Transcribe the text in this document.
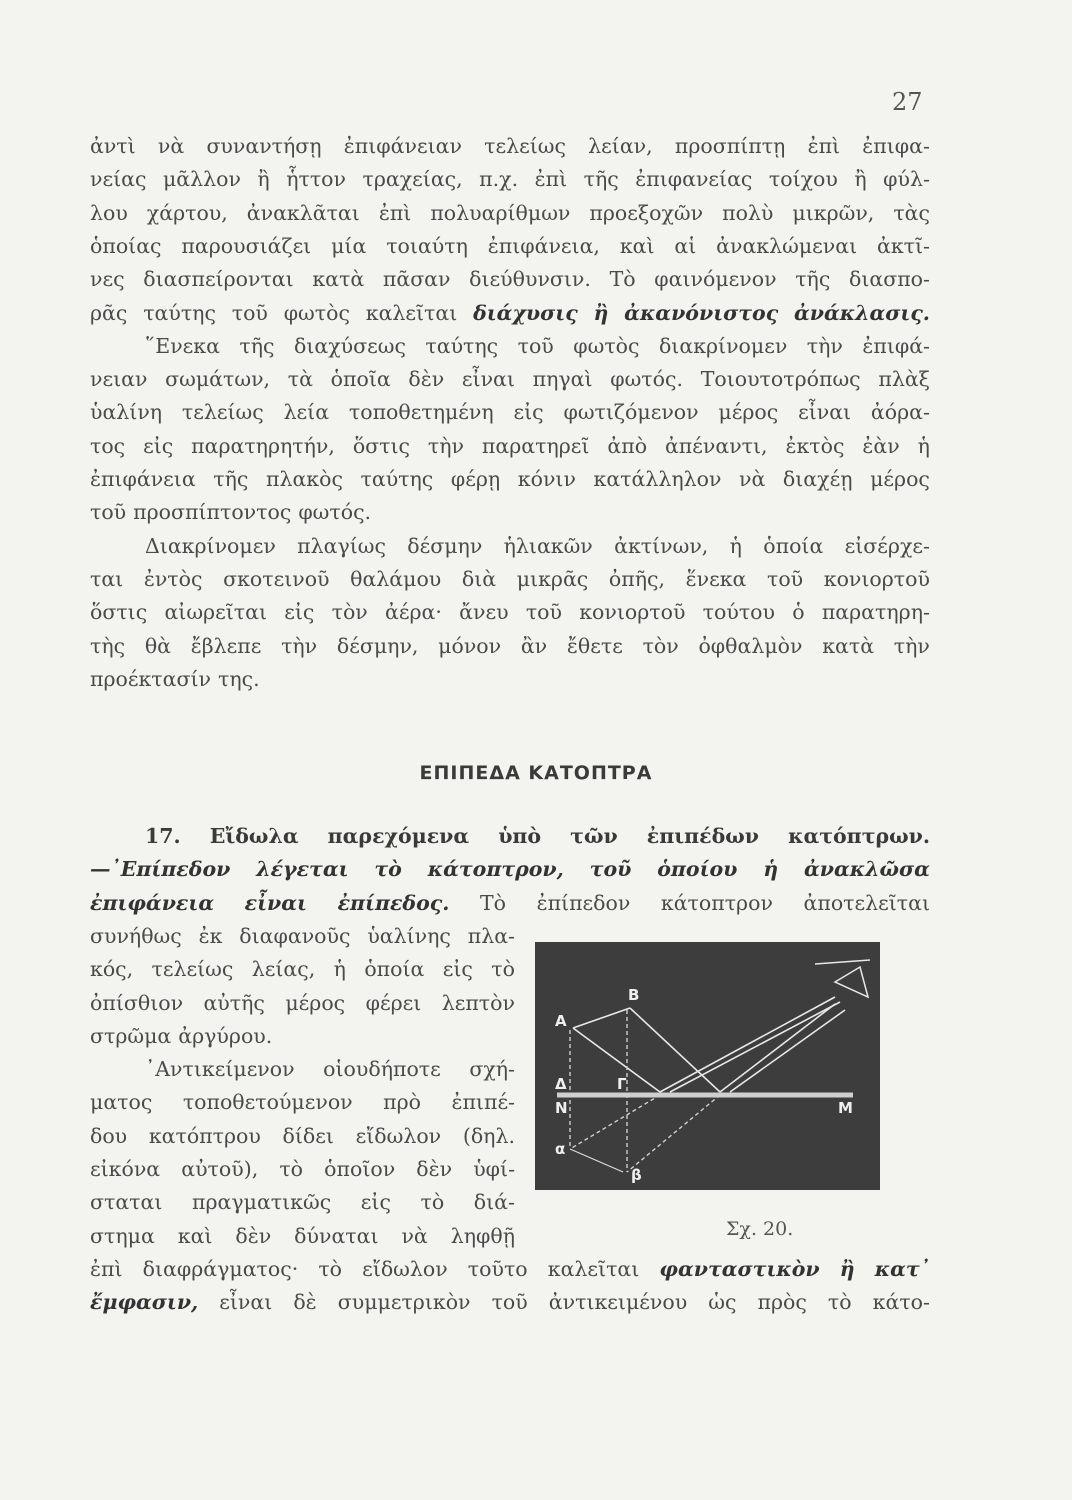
27
ἀντὶ νὰ συναντήσῃ ἐπιφάνειαν τελείως λείαν, προσπίπτῃ ἐπὶ ἐπιφα-
νείας μᾶλλον ἢ ἧττον τραχείας, π.χ. ἐπὶ τῆς ἐπιφανείας τοίχου ἢ φύλ-
λου χάρτου, ἀνακλᾶται ἐπὶ πολυαρίθμων προεξοχῶν πολὺ μικρῶν, τὰς
ὁποίας παρουσιάζει μία τοιαύτη ἐπιφάνεια, καὶ αἱ ἀνακλώμεναι ἀκτῖ-
νες διασπείρονται κατὰ πᾶσαν διεύθυνσιν. Τὸ φαινόμενον τῆς διασπο-
ρᾶς ταύτης τοῦ φωτὸς καλεῖται διάχυσις ἢ ἀκανόνιστος ἀνάκλασις.
῞Ενεκα τῆς διαχύσεως ταύτης τοῦ φωτὸς διακρίνομεν τὴν ἐπιφά-
νειαν σωμάτων, τὰ ὁποῖα δὲν εἶναι πηγαὶ φωτός. Τοιουτοτρόπως πλὰξ
ὑαλίνη τελείως λεία τοποθετημένη εἰς φωτιζόμενον μέρος εἶναι ἀόρα-
τος εἰς παρατηρητήν, ὅστις τὴν παρατηρεῖ ἀπὸ ἀπέναντι, ἐκτὸς ἐὰν ἡ
ἐπιφάνεια τῆς πλακὸς ταύτης φέρῃ κόνιν κατάλληλον νὰ διαχέῃ μέρος
τοῦ προσπίπτοντος φωτός.
Διακρίνομεν πλαγίως δέσμην ἡλιακῶν ἀκτίνων, ἡ ὁποία εἰσέρχε-
ται ἐντὸς σκοτεινοῦ θαλάμου διὰ μικρᾶς ὀπῆς, ἕνεκα τοῦ κονιορτοῦ
ὅστις αἰωρεῖται εἰς τὸν ἀέρα· ἄνευ τοῦ κονιορτοῦ τούτου ὁ παρατηρη-
τὴς θὰ ἔβλεπε τὴν δέσμην, μόνον ἂν ἔθετε τὸν ὀφθαλμὸν κατὰ τὴν
προέκτασίν της.
17. Εἴδωλα παρεχόμενα ὑπὸ τῶν ἐπιπέδων κατόπτρων.
—᾿Επίπεδον λέγεται τὸ κάτοπτρον, τοῦ ὁποίου ἡ ἀνακλῶσα
ἐπιφάνεια εἶναι ἐπίπεδος. Τὸ ἐπίπεδον κάτοπτρον ἀποτελεῖται
συνήθως ἐκ διαφανοῦς ὑαλίνης πλα-
κός, τελείως λείας, ἡ ὁποία εἰς τὸ
ὀπίσθιον αὐτῆς μέρος φέρει λεπτὸν
στρῶμα ἀργύρου.
᾿Αντικείμενον οἱουδήποτε σχή-
ματος τοποθετούμενον πρὸ ἐπιπέ-
δου κατόπτρου δίδει εἴδωλον (δηλ.
εἰκόνα αὐτοῦ), τὸ ὁποῖον δὲν ὑφί-
σταται πραγματικῶς εἰς τὸ διά-
στημα καὶ δὲν δύναται νὰ ληφθῇ
ἐπὶ διαφράγματος· τὸ εἴδωλον τοῦτο καλεῖται φανταστικὸν ἢ κατ᾿
ἔμφασιν, εἶναι δὲ συμμετρικὸν τοῦ ἀντικειμένου ὡς πρὸς τὸ κάτο-
ΕΠΙΠΕΔΑ ΚΑΤΟΠΤΡΑ
A
B
Δ	Γ
N	M
α
β
Σχ. 20.
